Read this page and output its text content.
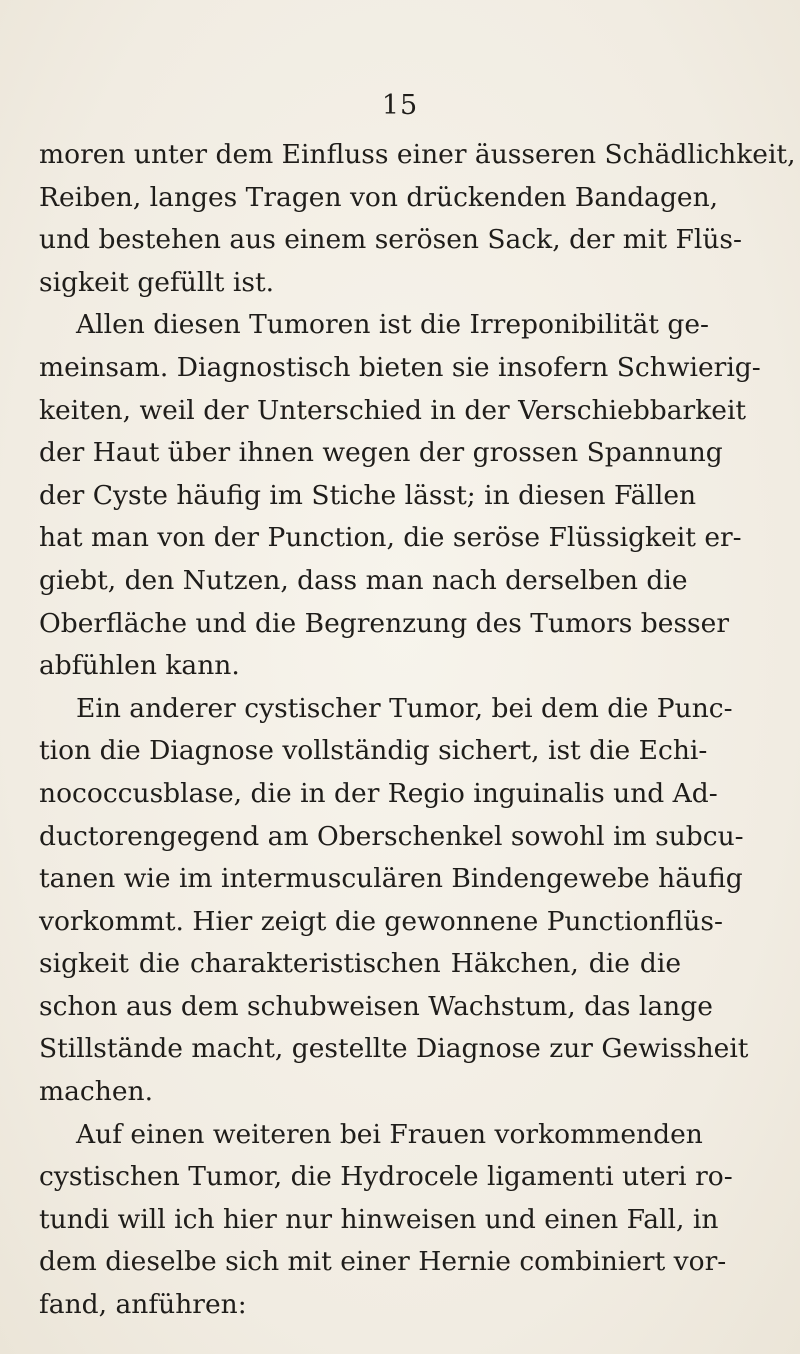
15
moren unter dem Einfluss einer äusseren Schädlichkeit,
Reiben, langes Tragen von drückenden Bandagen,
und bestehen aus einem serösen Sack, der mit Flüs-
sigkeit gefüllt ist.
Allen diesen Tumoren ist die Irreponibilität ge-
meinsam. Diagnostisch bieten sie insofern Schwierig-
keiten, weil der Unterschied in der Verschiebbarkeit
der Haut über ihnen wegen der grossen Spannung
der Cyste häufig im Stiche lässt; in diesen Fällen
hat man von der Punction, die seröse Flüssigkeit er-
giebt, den Nutzen, dass man nach derselben die
Oberfläche und die Begrenzung des Tumors besser
abfühlen kann.
Ein anderer cystischer Tumor, bei dem die Punc-
tion die Diagnose vollständig sichert, ist die Echi-
nococcusblase, die in der Regio inguinalis und Ad-
ductorengegend am Oberschenkel sowohl im subcu-
tanen wie im intermusculären Bindengewebe häufig
vorkommt. Hier zeigt die gewonnene Punctionflüs-
sigkeit die charakteristischen Häkchen, die die
schon aus dem schubweisen Wachstum, das lange
Stillstände macht, gestellte Diagnose zur Gewissheit
machen.
Auf einen weiteren bei Frauen vorkommenden
cystischen Tumor, die Hydrocele ligamenti uteri ro-
tundi will ich hier nur hinweisen und einen Fall, in
dem dieselbe sich mit einer Hernie combiniert vor-
fand, anführen:
